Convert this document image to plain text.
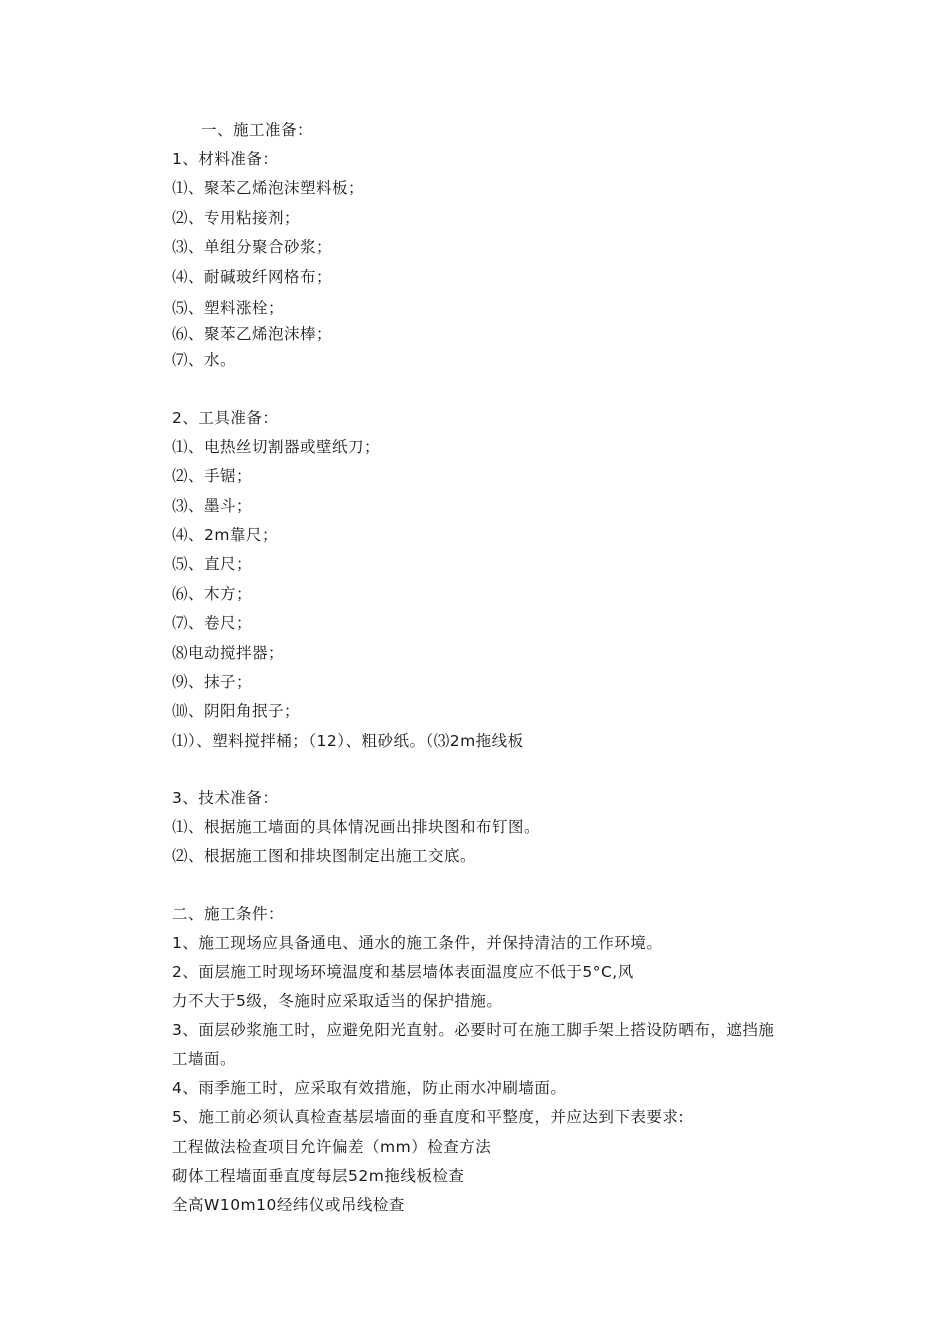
一、施工准备：
1、材料准备：
⑴、聚苯乙烯泡沫塑料板；
⑵、专用粘接剂；
⑶、单组分聚合砂浆；
⑷、耐碱玻纤网格布；
⑸、塑料涨栓；
⑹、聚苯乙烯泡沫棒；
⑺、水。
2、工具准备：
⑴、电热丝切割器或壁纸刀；
⑵、手锯；
⑶、墨斗；
⑷、2m靠尺；
⑸、直尺；
⑹、木方；
⑺、卷尺；
⑻电动搅拌器；
⑼、抹子；
⑽、阴阳角抿子；
⑴）、塑料搅拌桶；（12）、粗砂纸。（⑶2m拖线板
3、技术准备：
⑴、根据施工墙面的具体情况画出排块图和布钉图。
⑵、根据施工图和排块图制定出施工交底。
二、施工条件：
1、施工现场应具备通电、通水的施工条件，并保持清洁的工作环境。
2、面层施工时现场环境温度和基层墙体表面温度应不低于5°C,风
力不大于5级，冬施时应采取适当的保护措施。
3、面层砂浆施工时，应避免阳光直射。必要时可在施工脚手架上搭设防晒布，遮挡施
工墙面。
4、雨季施工时，应采取有效措施，防止雨水冲刷墙面。
5、施工前必须认真检查基层墙面的垂直度和平整度，并应达到下表要求:
工程做法检查项目允许偏差（mm）检查方法
砌体工程墙面垂直度每层52m拖线板检查
全高W10m10经纬仪或吊线检查
